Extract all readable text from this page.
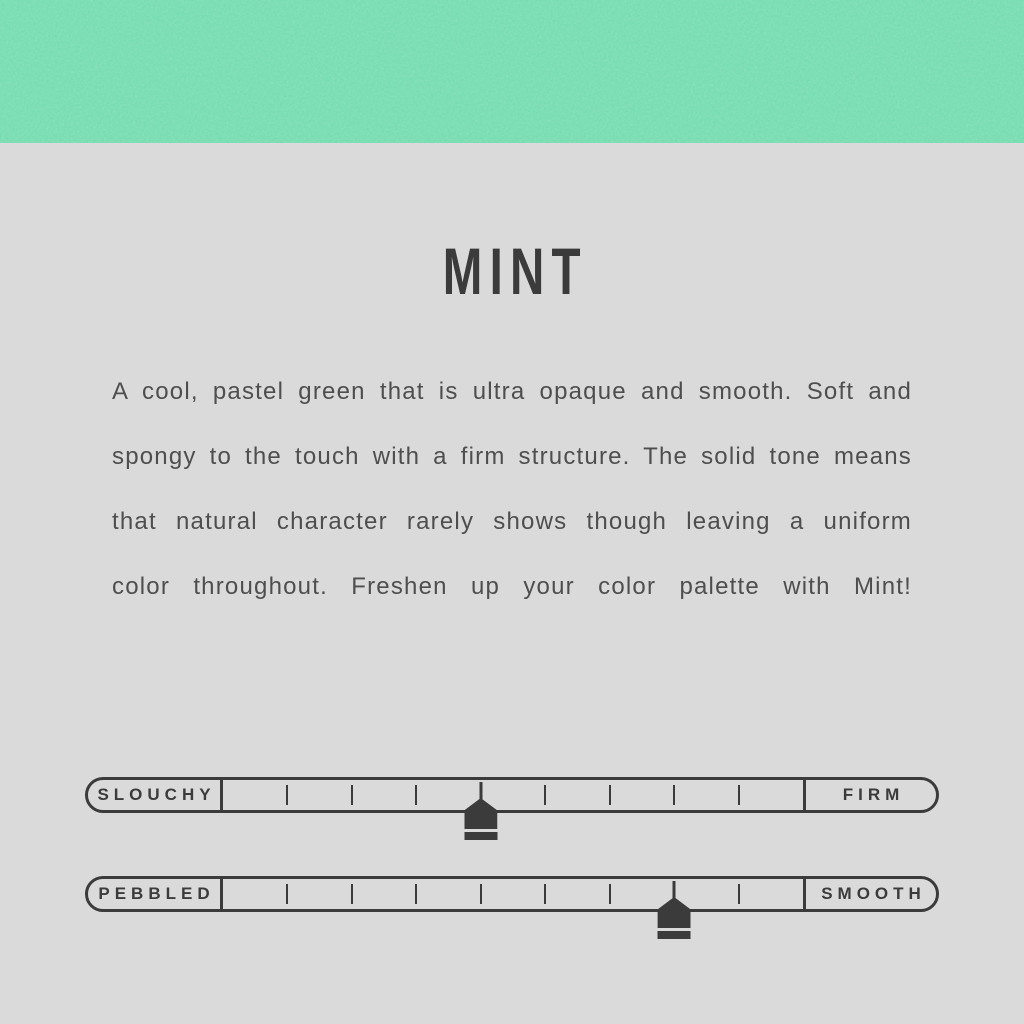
MINT
A cool, pastel green that is ultra opaque and smooth. Soft and
spongy to the touch with a firm structure. The solid tone means
that natural character rarely shows though leaving a uniform
color throughout. Freshen up your color palette with Mint!
SLOUCHY	FIRM
PEBBLED	SMOOTH
